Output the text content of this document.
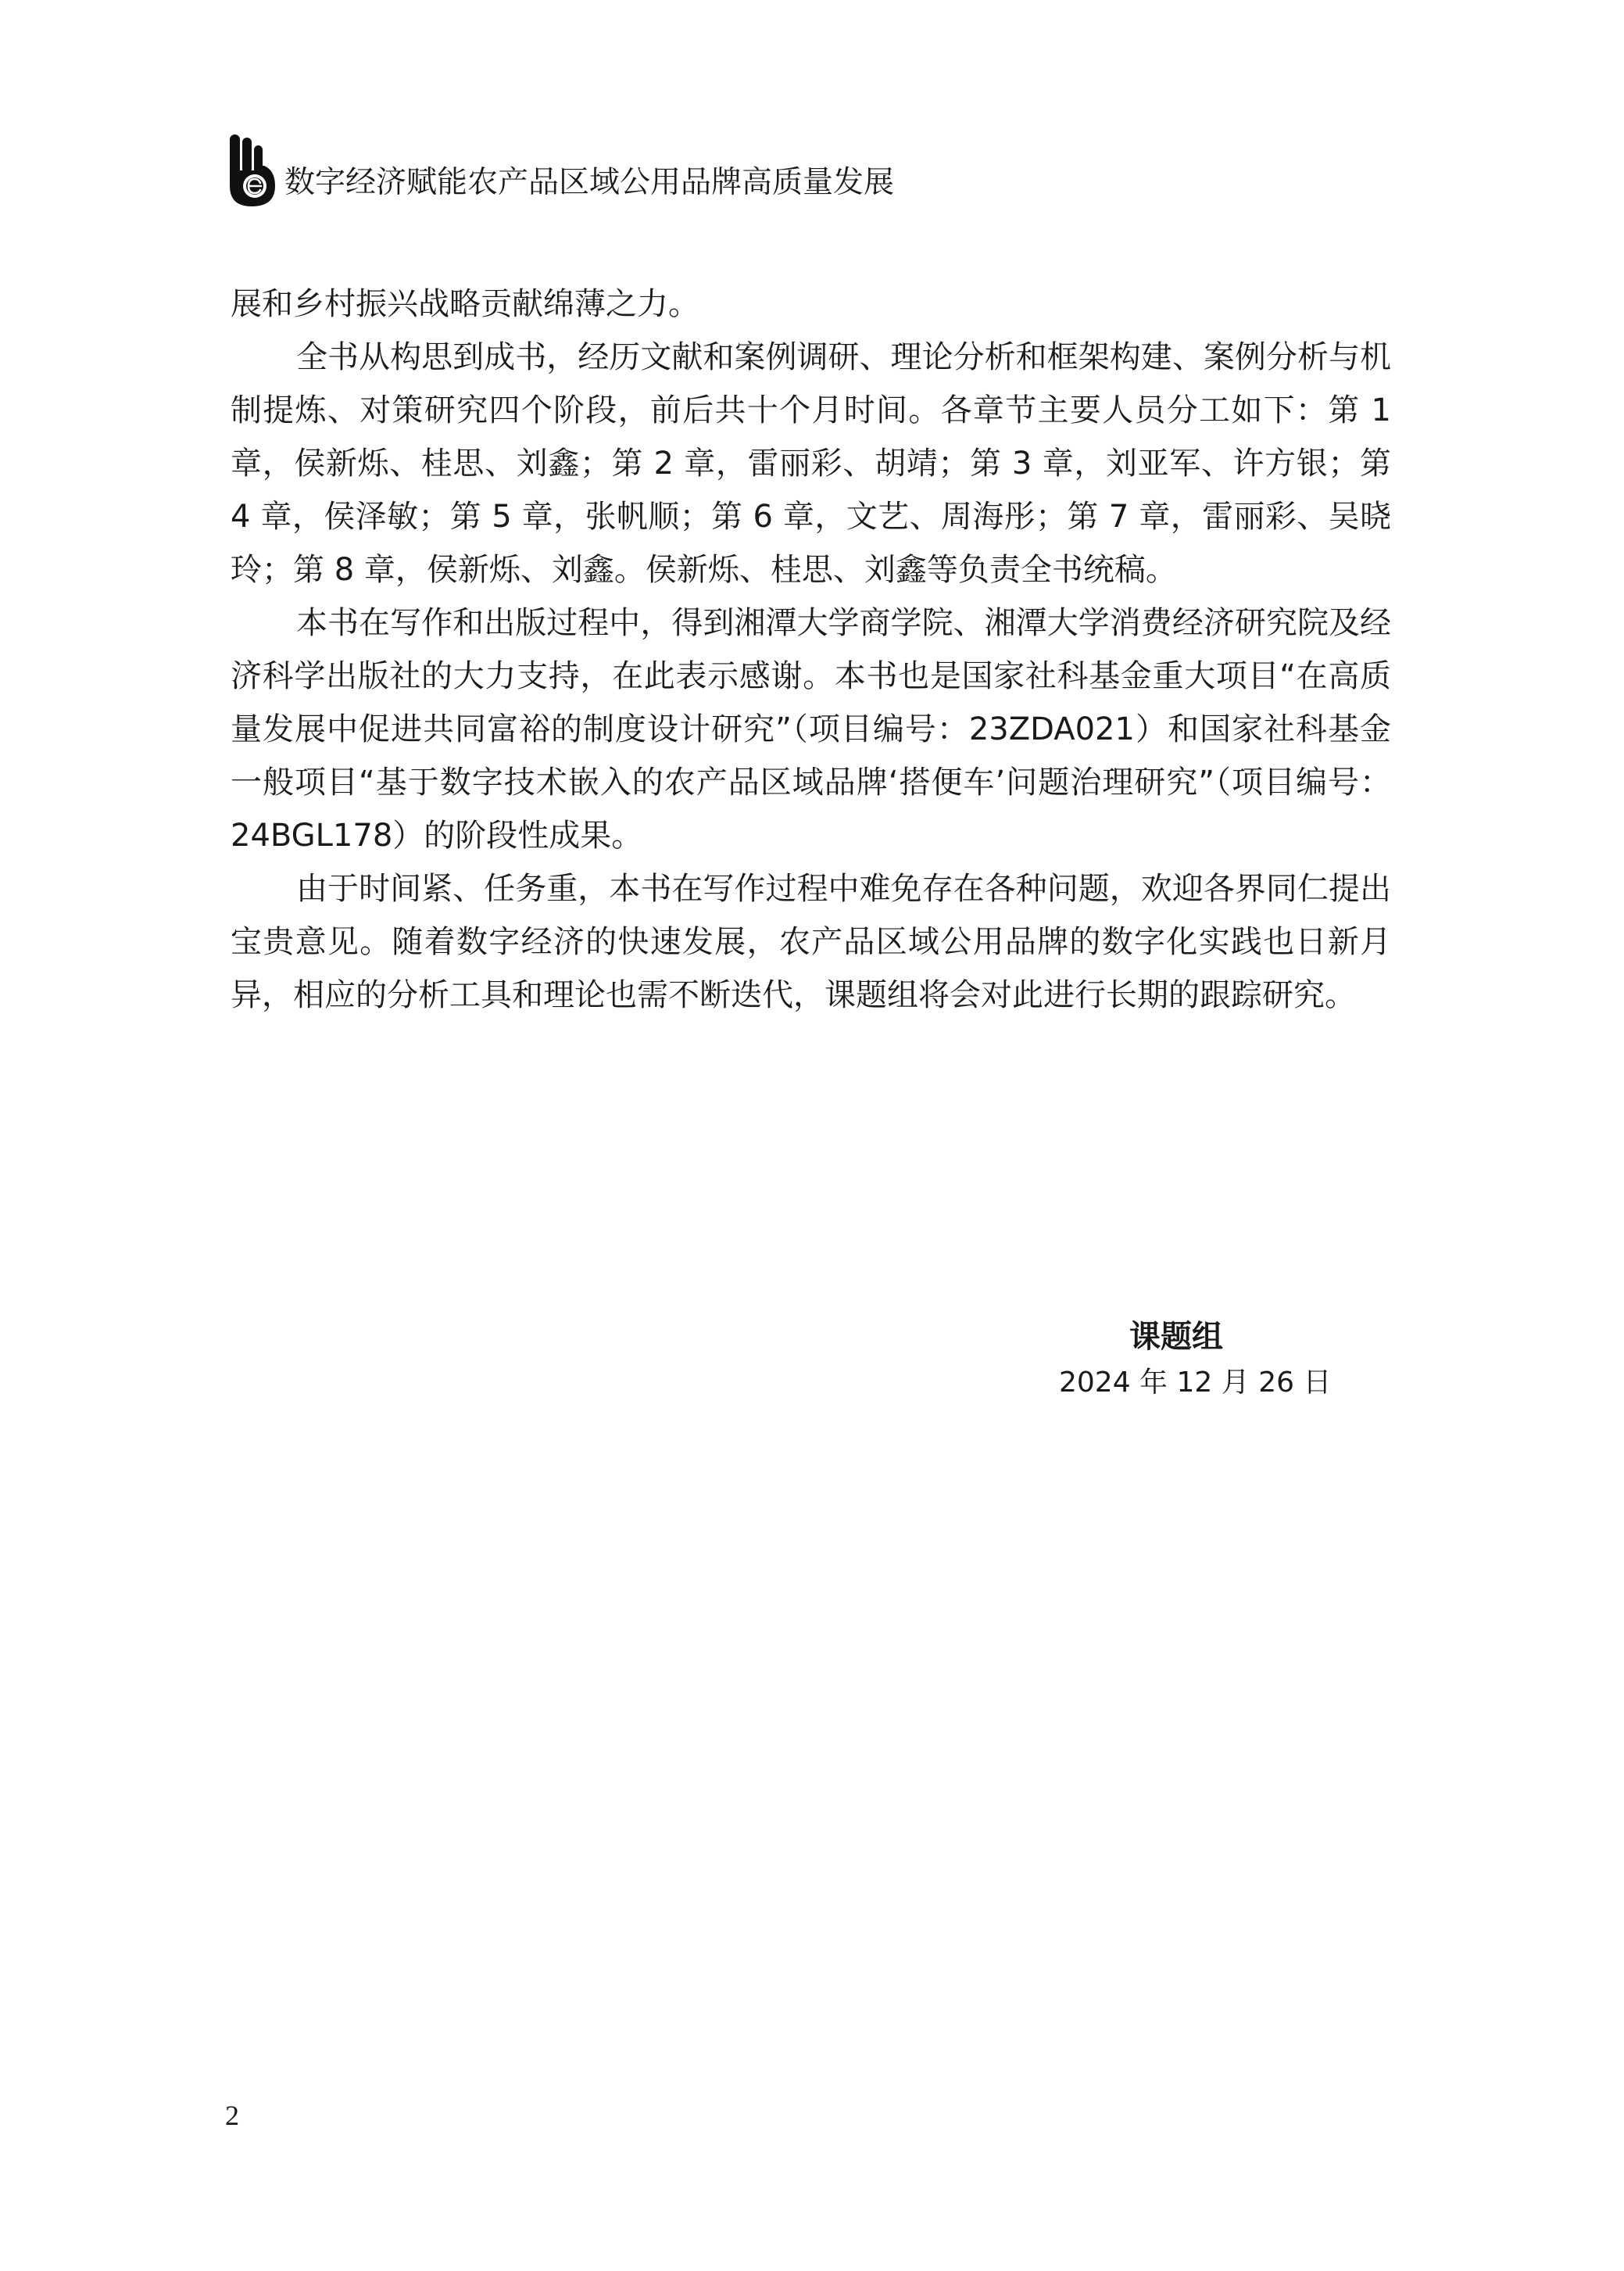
数字经济赋能农产品区域公用品牌高质量发展

展和乡村振兴战略贡献绵薄之力。

全书从构思到成书，经历文献和案例调研、理论分析和框架构建、案例分析与机制提炼、对策研究四个阶段，前后共十个月时间。各章节主要人员分工如下：第 1 章，侯新烁、桂思、刘鑫；第 2 章，雷丽彩、胡靖；第 3 章，刘亚军、许方银；第 4 章，侯泽敏；第 5 章，张帆顺；第 6 章，文艺、周海彤；第 7 章，雷丽彩、吴晓玲；第 8 章，侯新烁、刘鑫。侯新烁、桂思、刘鑫等负责全书统稿。

本书在写作和出版过程中，得到湘潭大学商学院、湘潭大学消费经济研究院及经济科学出版社的大力支持，在此表示感谢。本书也是国家社科基金重大项目“在高质量发展中促进共同富裕的制度设计研究”（项目编号：23ZDA021）和国家社科基金一般项目“基于数字技术嵌入的农产品区域品牌‘搭便车’问题治理研究”（项目编号：24BGL178）的阶段性成果。

由于时间紧、任务重，本书在写作过程中难免存在各种问题，欢迎各界同仁提出宝贵意见。随着数字经济的快速发展，农产品区域公用品牌的数字化实践也日新月异，相应的分析工具和理论也需不断迭代，课题组将会对此进行长期的跟踪研究。

课题组
2024 年 12 月 26 日
2
